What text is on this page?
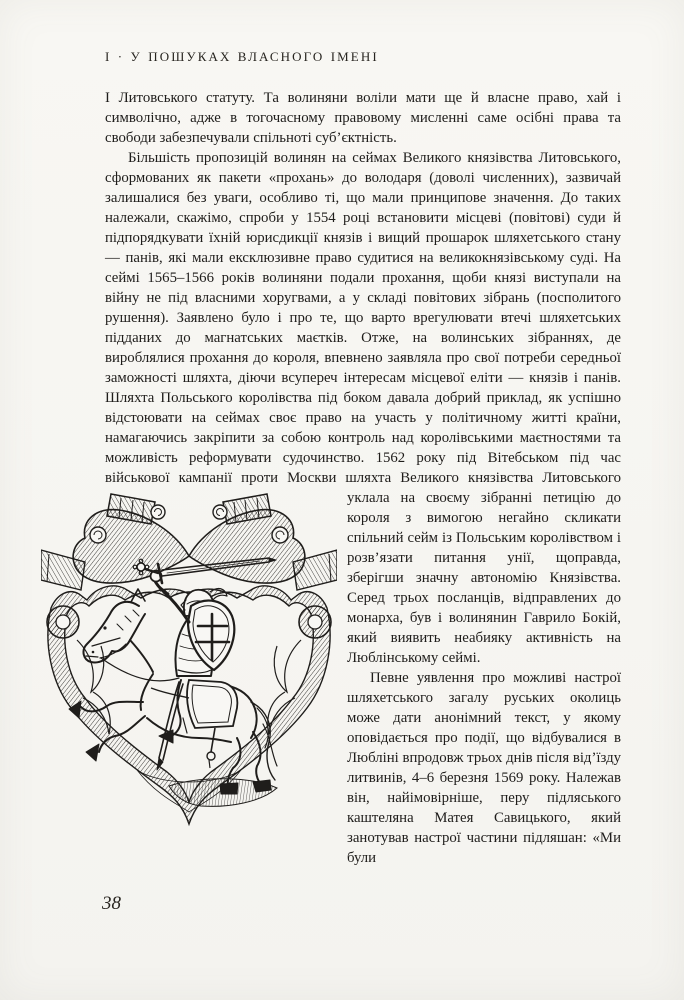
І · У ПОШУКАХ ВЛАСНОГО ІМЕНІ

І Литовського статуту. Та волиняни воліли мати ще й власне право, хай і символічно, адже в тогочасному правовому мисленні саме осібні права та свободи забезпечували спільноті суб’єктність.

Більшість пропозицій волинян на сеймах Великого князівства Литовського, сформованих як пакети «прохань» до володаря (доволі численних), зазвичай залишалися без уваги, особливо ті, що мали принципове значення. До таких належали, скажімо, спроби у 1554 році встановити місцеві (повітові) суди й підпорядкувати їхній юрисдикції князів і вищий прошарок шляхетського стану — панів, які мали ексклюзивне право судитися на великокнязівському суді. На сеймі 1565–1566 років волиняни подали прохання, щоби князі виступали на війну не під власними хоругвами, а у складі повітових зібрань (посполитого рушення). Заявлено було і про те, що варто врегулювати втечі шляхетських підданих до магнатських маєтків. Отже, на волинських зібраннях, де вироблялися прохання до короля, впевнено заявляла про свої потреби середньої заможності шляхта, діючи всупереч інтересам місцевої еліти — князів і панів. Шляхта Польського королівства під боком давала добрий приклад, як успішно відстоювати на сеймах своє право на участь у політичному житті країни, намагаючись закріпити за собою контроль над королівськими маєтностями та можливість реформувати судочинство. 1562 року під Вітебськом під час військової кампанії проти Москви шляхта Великого князівства Литовського уклала на своєму зібранні петицію до короля з вимогою негайно скликати спільний сейм із Польським королівством і розв’язати питання унії, щоправда, зберігши значну автономію Князівства. Серед трьох посланців, відправлених до монарха, був і волинянин Гаврило Бокій, який виявить неабияку активність на Люблінському сеймі.

Певне уявлення про можливі настрої шляхетського загалу руських околиць може дати анонімний текст, у якому оповідається про події, що відбувалися в Любліні впродовж трьох днів після від’їзду литвинів, 4–6 березня 1569 року. Належав він, найімовірніше, перу підляського каштеляна Матея Савицького, який занотував настрої частини підляшан: «Ми були

38
